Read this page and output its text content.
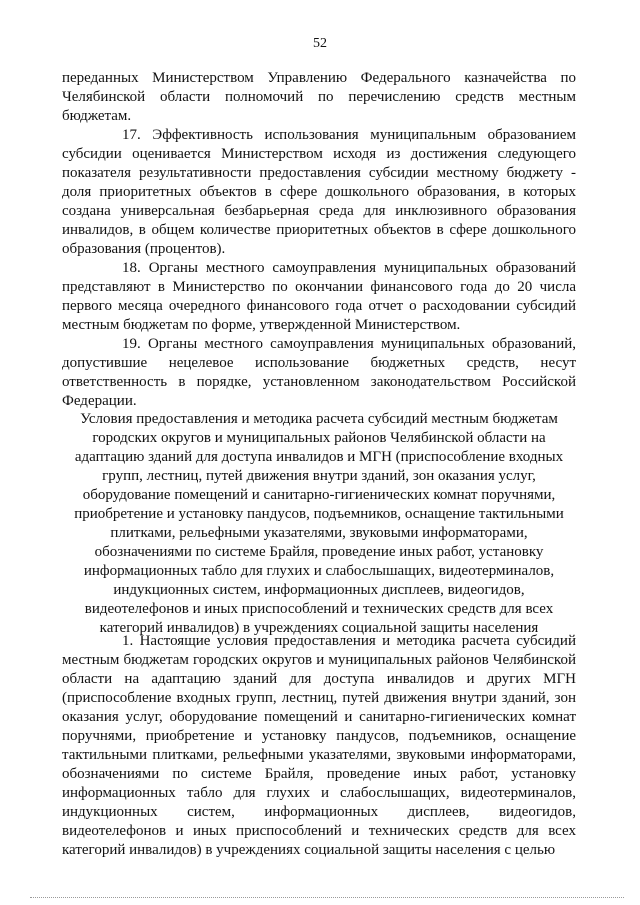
52

переданных Министерством Управлению Федерального казначейства по Челябинской области полномочий по перечислению средств местным бюджетам.

17. Эффективность использования муниципальным образованием субсидии оценивается Министерством исходя из достижения следующего показателя результативности предоставления субсидии местному бюджету - доля приоритетных объектов в сфере дошкольного образования, в которых создана универсальная безбарьерная среда для инклюзивного образования инвалидов, в общем количестве приоритетных объектов в сфере дошкольного образования (процентов).

18. Органы местного самоуправления муниципальных образований представляют в Министерство по окончании финансового года до 20 числа первого месяца очередного финансового года отчет о расходовании субсидий местным бюджетам по форме, утвержденной Министерством.

19. Органы местного самоуправления муниципальных образований, допустившие нецелевое использование бюджетных средств, несут ответственность в порядке, установленном законодательством Российской Федерации.

Условия предоставления и методика расчета субсидий местным бюджетам городских округов и муниципальных районов Челябинской области на адаптацию зданий для доступа инвалидов и МГН (приспособление входных групп, лестниц, путей движения внутри зданий, зон оказания услуг, оборудование помещений и санитарно-гигиенических комнат поручнями, приобретение и установку пандусов, подъемников, оснащение тактильными плитками, рельефными указателями, звуковыми информаторами, обозначениями по системе Брайля, проведение иных работ, установку информационных табло для глухих и слабослышащих, видеотерминалов, индукционных систем, информационных дисплеев, видеогидов, видеотелефонов и иных приспособлений и технических средств для всех категорий инвалидов) в учреждениях социальной защиты населения

1. Настоящие условия предоставления и методика расчета субсидий местным бюджетам городских округов и муниципальных районов Челябинской области на адаптацию зданий для доступа инвалидов и других МГН (приспособление входных групп, лестниц, путей движения внутри зданий, зон оказания услуг, оборудование помещений и санитарно-гигиенических комнат поручнями, приобретение и установку пандусов, подъемников, оснащение тактильными плитками, рельефными указателями, звуковыми информаторами, обозначениями по системе Брайля, проведение иных работ, установку информационных табло для глухих и слабослышащих, видеотерминалов, индукционных систем, информационных дисплеев, видеогидов, видеотелефонов и иных приспособлений и технических средств для всех категорий инвалидов) в учреждениях социальной защиты населения с целью
